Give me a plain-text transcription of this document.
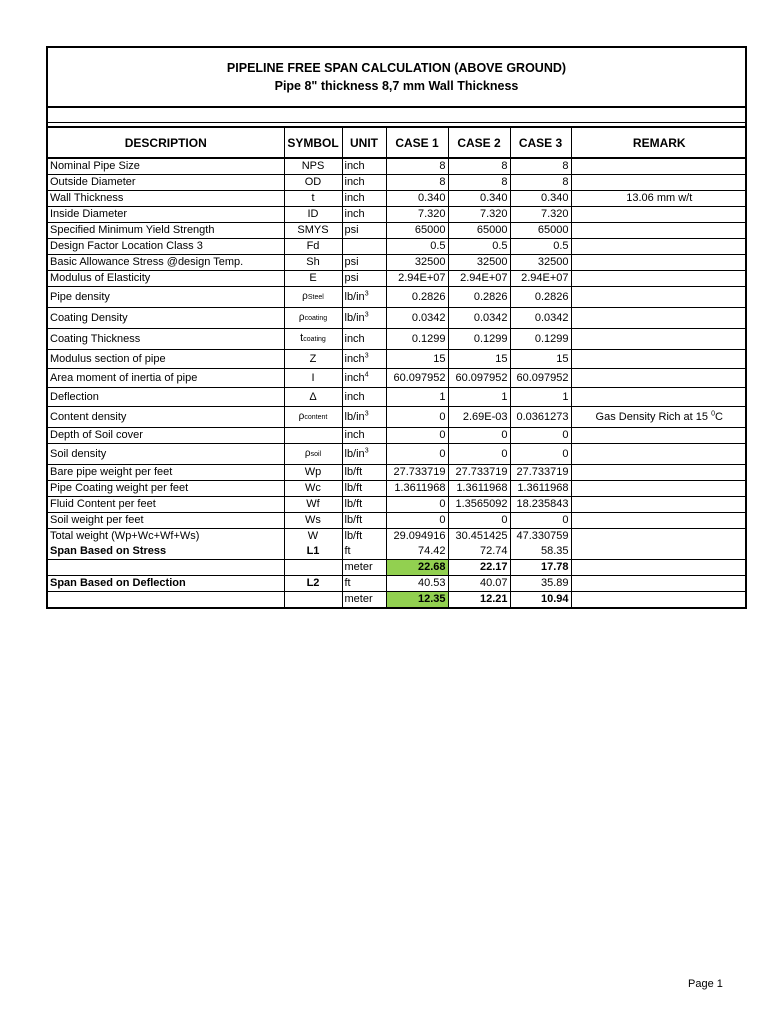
PIPELINE FREE SPAN CALCULATION (ABOVE GROUND)
Pipe 8" thickness 8,7 mm Wall Thickness
DESCRIPTION	SYMBOL	UNIT	CASE 1	CASE 2	CASE 3	REMARK
Nominal Pipe Size	NPS	inch	8	8	8	
Outside Diameter	OD	inch	8	8	8	
Wall Thickness	t	inch	0.340	0.340	0.340	13.06 mm w/t
Inside Diameter	ID	inch	7.320	7.320	7.320	
Specified Minimum Yield Strength	SMYS	psi	65000	65000	65000	
Design Factor Location Class 3	Fd		0.5	0.5	0.5	
Basic Allowance Stress @design Temp.	Sh	psi	32500	32500	32500	
Modulus of Elasticity	E	psi	2.94E+07	2.94E+07	2.94E+07	
Pipe density	ρSteel	$lb/in^3$	0.2826	0.2826	0.2826	
Coating Density	ρcoating	$lb/in^3$	0.0342	0.0342	0.0342	
Coating Thickness	tcoating	inch	0.1299	0.1299	0.1299	
Modulus section of pipe	Z	inch$^3$	15	15	15	
Area moment of inertia of pipe	I	inch$^4$	60.097952	60.097952	60.097952	
Deflection	Δ	inch	1	1	1	
Content density	ρcontent	$lb/in^3$	0	2.69E-03	0.0361273	Gas Density Rich at 15 $^0$C
Depth of Soil cover		inch	0	0	0	
Soil density	ρsoil	$lb/in^3$	0	0	0	
Bare pipe weight per feet	Wp	lb/ft	27.733719	27.733719	27.733719	
Pipe Coating weight per feet	Wc	lb/ft	1.3611968	1.3611968	1.3611968	
Fluid Content per feet	Wf	lb/ft	0	1.3565092	18.235843	
Soil weight per feet	Ws	lb/ft	0	0	0	
Total weight (Wp+Wc+Wf+Ws)	W	lb/ft	29.094916	30.451425	47.330759	
Span Based on Stress	L1	ft	74.42	72.74	58.35	
		meter	22.68	22.17	17.78	
Span Based on Deflection	L2	ft	40.53	40.07	35.89	
		meter	12.35	12.21	10.94	
Page 1
